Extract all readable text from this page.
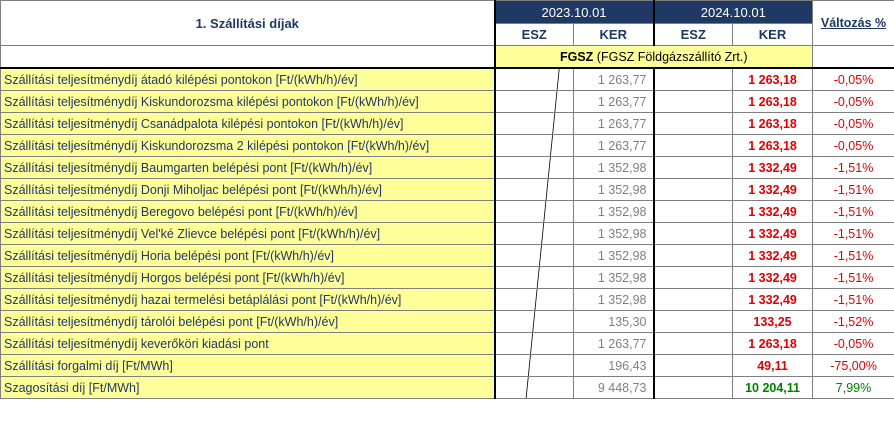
1. Szállítási díjak	2023.10.01		2024.10.01		Változás %
	ESZ	KER	ESZ	KER	
	FGSZ (FGSZ Földgázszállító Zrt.)				
Szállítási teljesítménydíj átadó kilépési pontokon [Ft/(kWh/h)/év]		1 263,77		1 263,18	-0,05%
Szállítási teljesítménydíj Kiskundorozsma kilépési pontokon [Ft/(kWh/h)/év]		1 263,77		1 263,18	-0,05%
Szállítási teljesítménydíj Csanádpalota kilépési pontokon [Ft/(kWh/h)/év]		1 263,77		1 263,18	-0,05%
Szállítási teljesítménydíj Kiskundorozsma 2 kilépési pontokon [Ft/(kWh/h)/év]		1 263,77		1 263,18	-0,05%
Szállítási teljesítménydíj Baumgarten belépési pont [Ft/(kWh/h)/év]		1 352,98		1 332,49	-1,51%
Szállítási teljesítménydíj Donji Miholjac belépési pont [Ft/(kWh/h)/év]		1 352,98		1 332,49	-1,51%
Szállítási teljesítménydíj Beregovo belépési pont [Ft/(kWh/h)/év]		1 352,98		1 332,49	-1,51%
Szállítási teljesítménydíj Vel'ké Zlievce belépési pont [Ft/(kWh/h)/év]		1 352,98		1 332,49	-1,51%
Szállítási teljesítménydíj Horia belépési pont [Ft/(kWh/h)/év]		1 352,98		1 332,49	-1,51%
Szállítási teljesítménydíj Horgos belépési pont [Ft/(kWh/h)/év]		1 352,98		1 332,49	-1,51%
Szállítási teljesítménydíj hazai termelési betáplálási pont [Ft/(kWh/h)/év]		1 352,98		1 332,49	-1,51%
Szállítási teljesítménydíj tárolói belépési pont [Ft/(kWh/h)/év]		135,30		133,25	-1,52%
Szállítási teljesítménydíj keverőköri kiadási pont		1 263,77		1 263,18	-0,05%
Szállítási forgalmi díj [Ft/MWh]		196,43		49,11	-75,00%
Szagosítási díj [Ft/MWh]		9 448,73		10 204,11	7,99%
